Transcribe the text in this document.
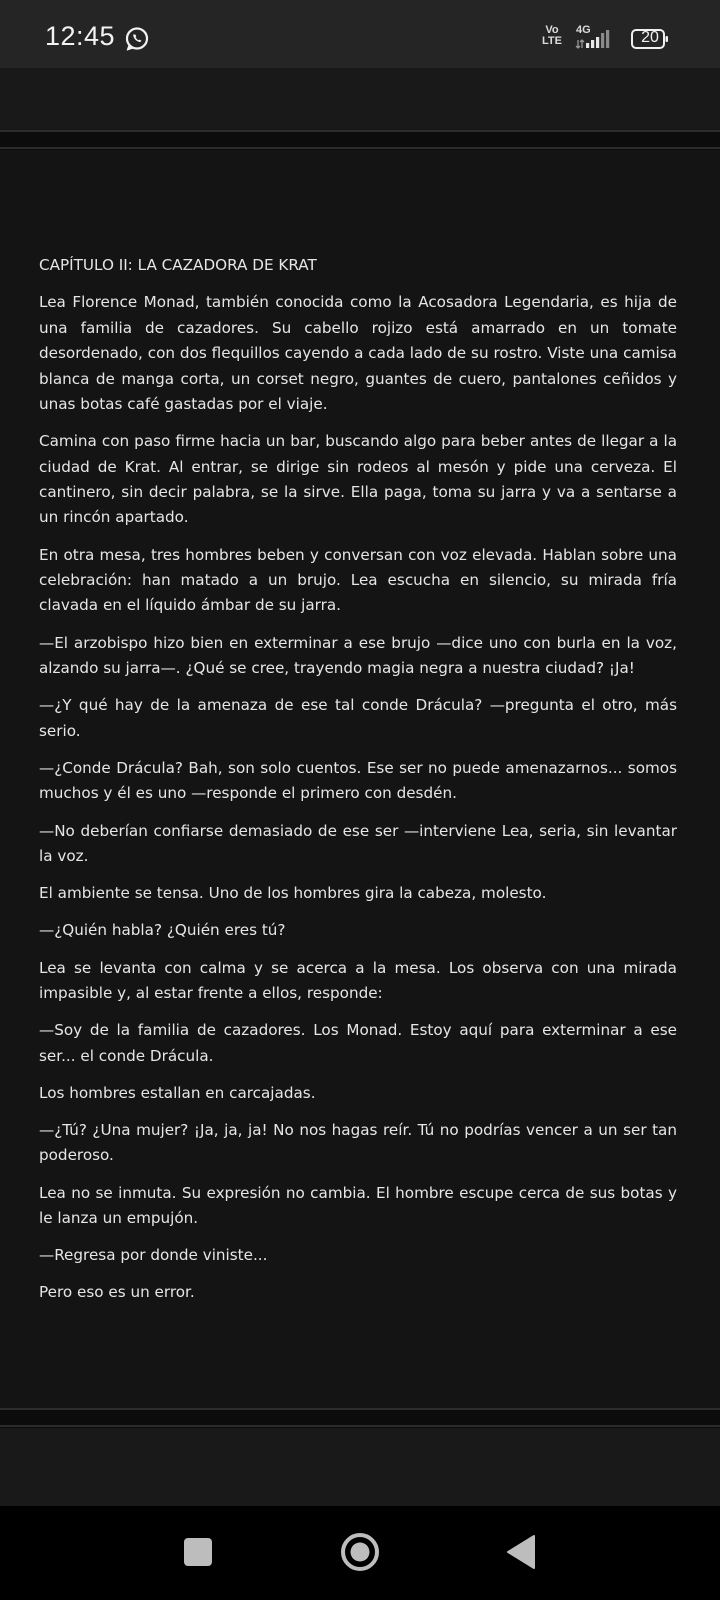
12:45	Vo
LTE
4G	20

CAPÍTULO II: LA CAZADORA DE KRAT

Lea Florence Monad, también conocida como la Acosadora Legendaria, es hija de una familia de cazadores. Su cabello rojizo está amarrado en un tomate desordenado, con dos flequillos cayendo a cada lado de su rostro. Viste una camisa blanca de manga corta, un corset negro, guantes de cuero, pantalones ceñidos y unas botas café gastadas por el viaje.

Camina con paso firme hacia un bar, buscando algo para beber antes de llegar a la ciudad de Krat. Al entrar, se dirige sin rodeos al mesón y pide una cerveza. El cantinero, sin decir palabra, se la sirve. Ella paga, toma su jarra y va a sentarse a un rincón apartado.

En otra mesa, tres hombres beben y conversan con voz elevada. Hablan sobre una celebración: han matado a un brujo. Lea escucha en silencio, su mirada fría clavada en el líquido ámbar de su jarra.

—El arzobispo hizo bien en exterminar a ese brujo —dice uno con burla en la voz, alzando su jarra—. ¿Qué se cree, trayendo magia negra a nuestra ciudad? ¡Ja!

—¿Y qué hay de la amenaza de ese tal conde Drácula? —pregunta el otro, más serio.

—¿Conde Drácula? Bah, son solo cuentos. Ese ser no puede amenazarnos... somos muchos y él es uno —responde el primero con desdén.

—No deberían confiarse demasiado de ese ser —interviene Lea, seria, sin levantar la voz.

El ambiente se tensa. Uno de los hombres gira la cabeza, molesto.

—¿Quién habla? ¿Quién eres tú?

Lea se levanta con calma y se acerca a la mesa. Los observa con una mirada impasible y, al estar frente a ellos, responde:

—Soy de la familia de cazadores. Los Monad. Estoy aquí para exterminar a ese ser... el conde Drácula.

Los hombres estallan en carcajadas.

—¿Tú? ¿Una mujer? ¡Ja, ja, ja! No nos hagas reír. Tú no podrías vencer a un ser tan poderoso.

Lea no se inmuta. Su expresión no cambia. El hombre escupe cerca de sus botas y le lanza un empujón.

—Regresa por donde viniste...

Pero eso es un error.
